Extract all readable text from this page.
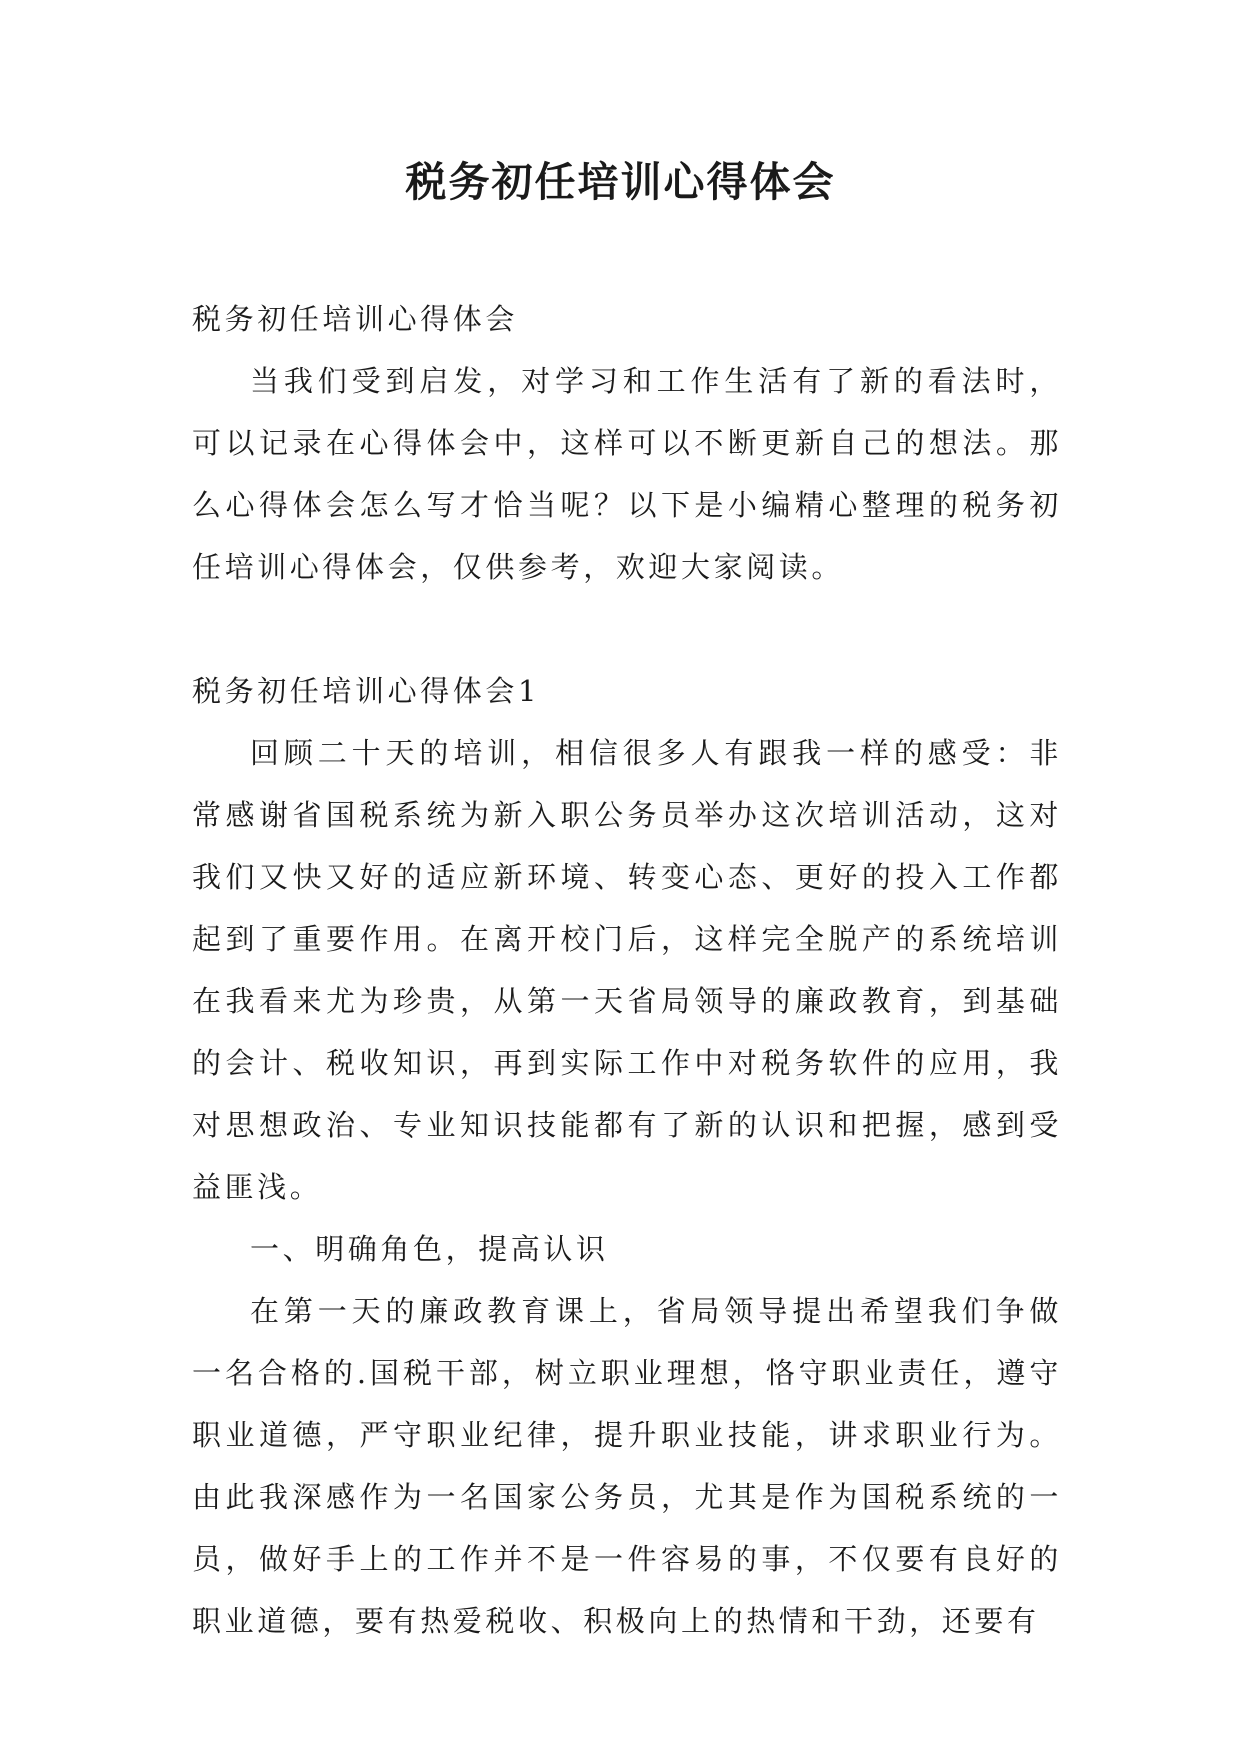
税务初任培训心得体会

税务初任培训心得体会

当我们受到启发，对学习和工作生活有了新的看法时，可以记录在心得体会中，这样可以不断更新自己的想法。那么心得体会怎么写才恰当呢？以下是小编精心整理的税务初任培训心得体会，仅供参考，欢迎大家阅读。

税务初任培训心得体会1

回顾二十天的培训，相信很多人有跟我一样的感受：非常感谢省国税系统为新入职公务员举办这次培训活动，这对我们又快又好的适应新环境、转变心态、更好的投入工作都起到了重要作用。在离开校门后，这样完全脱产的系统培训在我看来尤为珍贵，从第一天省局领导的廉政教育，到基础的会计、税收知识，再到实际工作中对税务软件的应用，我对思想政治、专业知识技能都有了新的认识和把握，感到受益匪浅。

一、明确角色，提高认识

在第一天的廉政教育课上，省局领导提出希望我们争做一名合格的.国税干部，树立职业理想，恪守职业责任，遵守职业道德，严守职业纪律，提升职业技能，讲求职业行为。由此我深感作为一名国家公务员，尤其是作为国税系统的一员，做好手上的工作并不是一件容易的事，不仅要有良好的职业道德，要有热爱税收、积极向上的热情和干劲，还要有
